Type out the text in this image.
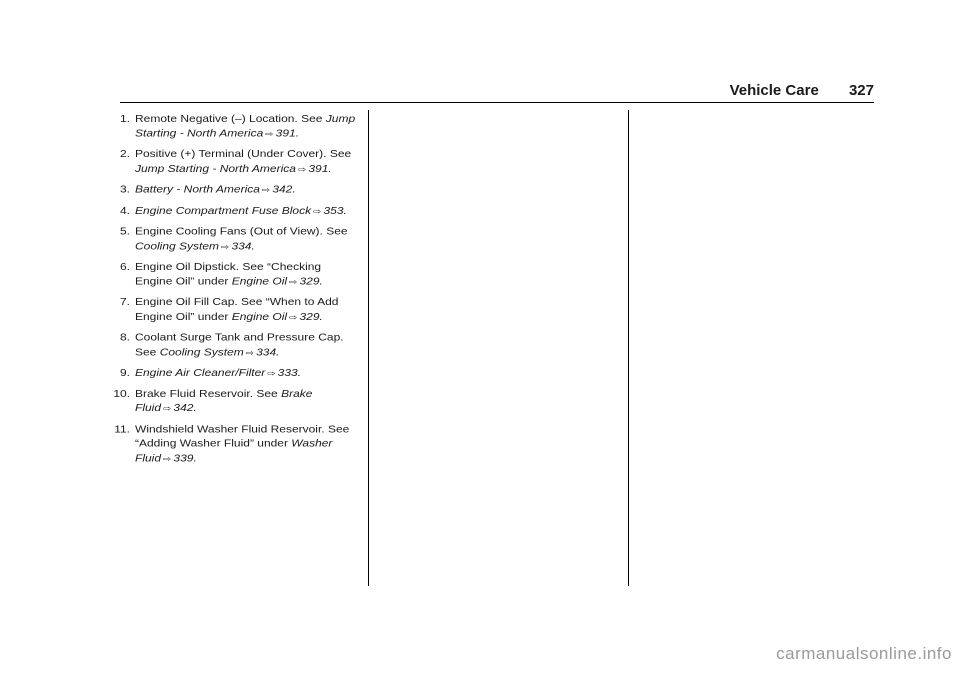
Vehicle Care 327
1. Remote Negative (–) Location. See Jump Starting - North America ⇨ 391.
2. Positive (+) Terminal (Under Cover). See Jump Starting - North America ⇨ 391.
3. Battery - North America ⇨ 342.
4. Engine Compartment Fuse Block ⇨ 353.
5. Engine Cooling Fans (Out of View). See Cooling System ⇨ 334.
6. Engine Oil Dipstick. See “Checking Engine Oil” under Engine Oil ⇨ 329.
7. Engine Oil Fill Cap. See “When to Add Engine Oil” under Engine Oil ⇨ 329.
8. Coolant Surge Tank and Pressure Cap. See Cooling System ⇨ 334.
9. Engine Air Cleaner/Filter ⇨ 333.
10. Brake Fluid Reservoir. See Brake Fluid ⇨ 342.
11. Windshield Washer Fluid Reservoir. See “Adding Washer Fluid” under Washer Fluid ⇨ 339.
carmanualsonline.info
